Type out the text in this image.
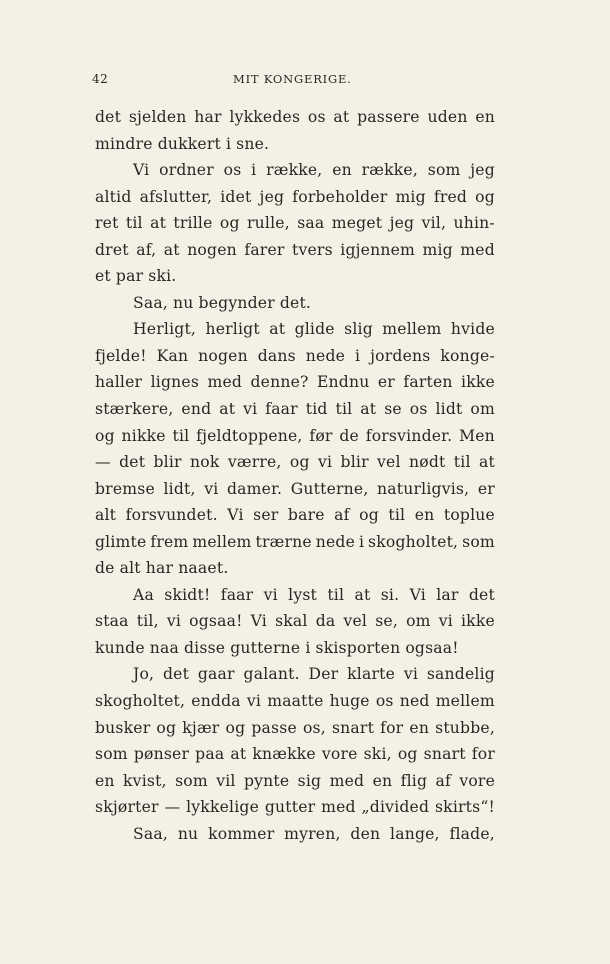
42	MIT KONGERIGE.
det sjelden har lykkedes os at passere uden en
mindre dukkert i sne.
Vi ordner os i række, en række, som jeg
altid afslutter, idet jeg forbeholder mig fred og
ret til at trille og rulle, saa meget jeg vil, uhin-
dret af, at nogen farer tvers igjennem mig med
et par ski.
Saa, nu begynder det.
Herligt, herligt at glide slig mellem hvide
fjelde! Kan nogen dans nede i jordens konge-
haller lignes med denne? Endnu er farten ikke
stærkere, end at vi faar tid til at se os lidt om
og nikke til fjeldtoppene, før de forsvinder. Men
— det blir nok værre, og vi blir vel nødt til at
bremse lidt, vi damer. Gutterne, naturligvis, er
alt forsvundet. Vi ser bare af og til en toplue
glimte frem mellem trærne nede i skogholtet, som
de alt har naaet.
Aa skidt! faar vi lyst til at si. Vi lar det
staa til, vi ogsaa! Vi skal da vel se, om vi ikke
kunde naa disse gutterne i skisporten ogsaa!
Jo, det gaar galant. Der klarte vi sandelig
skogholtet, endda vi maatte huge os ned mellem
busker og kjær og passe os, snart for en stubbe,
som pønser paa at knække vore ski, og snart for
en kvist, som vil pynte sig med en flig af vore
skjørter — lykkelige gutter med „divided skirts“!
Saa, nu kommer myren, den lange, flade,
